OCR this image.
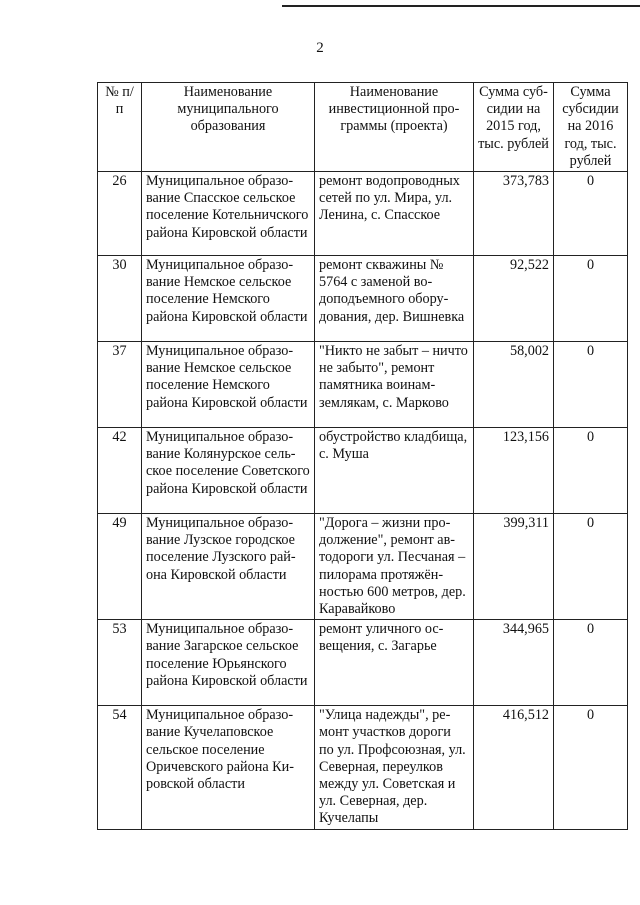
2
№ п/п	Наименование муниципального образования	Наименование инвестиционной программы (проекта)	Сумма субсидии на 2015 год, тыс. рублей	Сумма субсидии на 2016 год, тыс. рублей
26	Муниципальное образование Спасское сельское поселение Котельничского района Кировской области	ремонт водопроводных сетей по ул. Мира, ул. Ленина, с. Спасское	373,783	0
30	Муниципальное образование Немское сельское поселение Немского района Кировской области	ремонт скважины № 5764 с заменой водоподъемного оборудования, дер. Вишневка	92,522	0
37	Муниципальное образование Немское сельское поселение Немского района Кировской области	"Никто не забыт – ничто не забыто", ремонт памятника воинамземлякам, с. Марково	58,002	0
42	Муниципальное образование Колянурское сельское поселение Советского района Кировской области	обустройство кладбища, с. Муша	123,156	0
49	Муниципальное образование Лузское городское поселение Лузского района Кировской области	"Дорога – жизни продолжение", ремонт автодороги ул. Песчаная – пилорама протяжённостью 600 метров, дер. Каравайково	399,311	0
53	Муниципальное образование Загарское сельское поселение Юрьянского района Кировской области	ремонт уличного освещения, с. Загарье	344,965	0
54	Муниципальное образование Кучелаповское сельское поселение Оричевского района Кировской области	"Улица надежды", ремонт участков дороги по ул. Профсоюзная, ул. Северная, переулков между ул. Советская и ул. Северная, дер. Кучелапы	416,512	0
